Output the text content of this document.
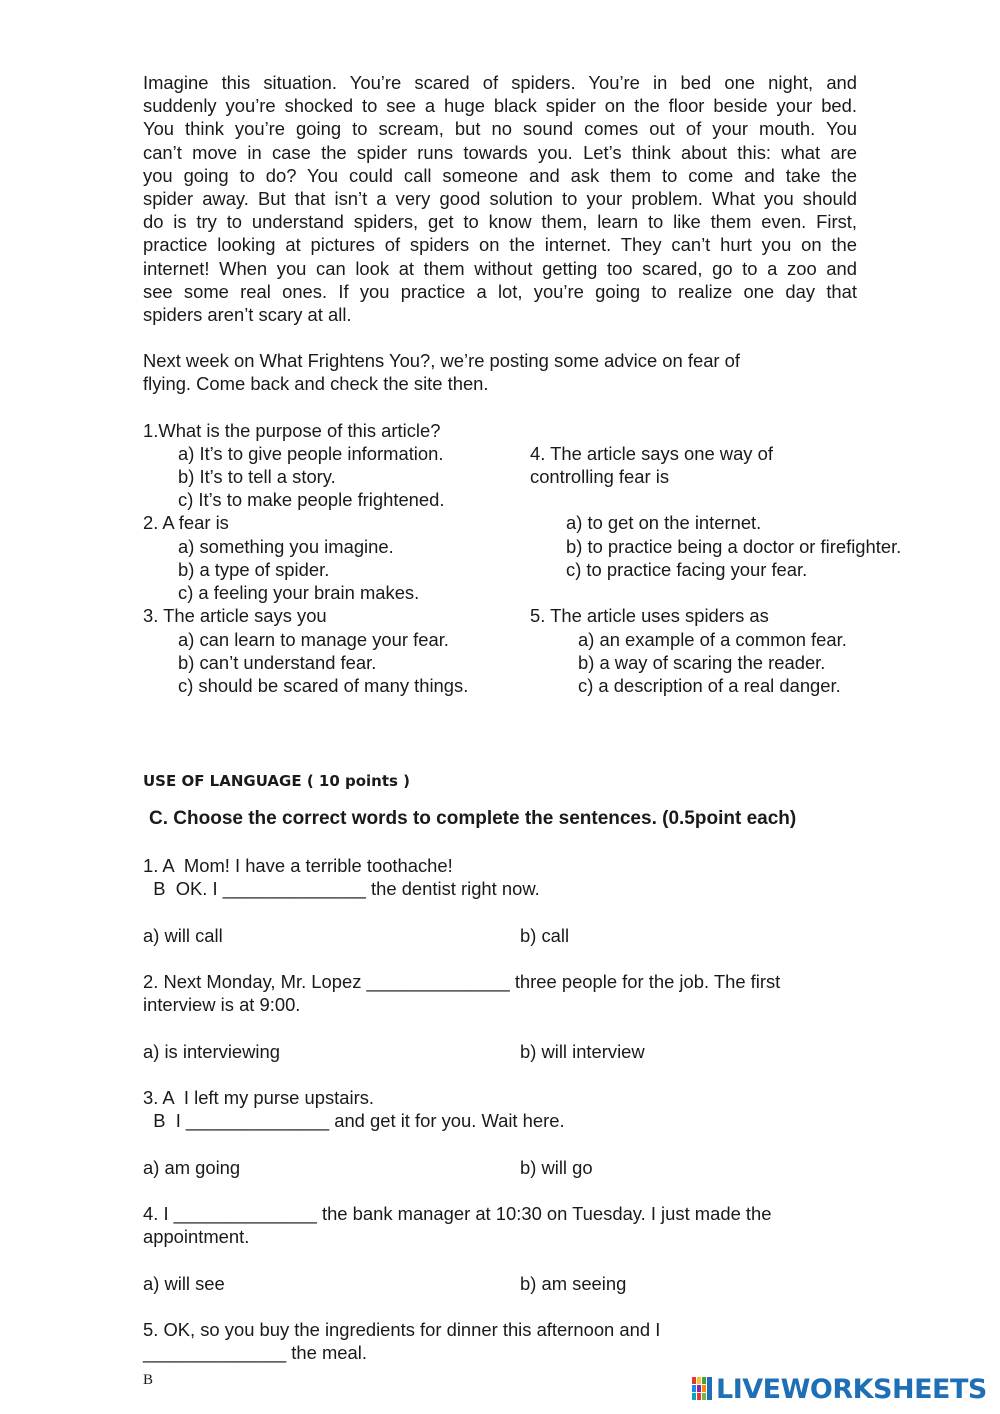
Imagine this situation. You’re scared of spiders. You’re in bed one night, and
suddenly you’re shocked to see a huge black spider on the floor beside your bed.
You think you’re going to scream, but no sound comes out of your mouth. You
can’t move in case the spider runs towards you. Let’s think about this: what are
you going to do? You could call someone and ask them to come and take the
spider away. But that isn’t a very good solution to your problem. What you should
do is try to understand spiders, get to know them, learn to like them even. First,
practice looking at pictures of spiders on the internet. They can’t hurt you on the
internet! When you can look at them without getting too scared, go to a zoo and
see some real ones. If you practice a lot, you’re going to realize one day that
spiders aren’t scary at all.
Next week on What Frightens You?, we’re posting some advice on fear of
flying. Come back and check the site then.
1.What is the purpose of this article?
a) It’s to give people information.
b) It’s to tell a story.
c) It’s to make people frightened.
2. A fear is
a) something you imagine.
b) a type of spider.
c) a feeling your brain makes.
3. The article says you
a) can learn to manage your fear.
b) can’t understand fear.
c) should be scared of many things.
4. The article says one way of
controlling fear is
a) to get on the internet.
b) to practice being a doctor or firefighter.
c) to practice facing your fear.
5. The article uses spiders as
a) an example of a common fear.
b) a way of scaring the reader.
c) a description of a real danger.
USE OF LANGUAGE ( 10 points )
C. Choose the correct words to complete the sentences. (0.5point each)
1. A  Mom! I have a terrible toothache!
B  OK. I ______________ the dentist right now.
a) will call	b) call
2. Next Monday, Mr. Lopez ______________ three people for the job. The first
interview is at 9:00.
a) is interviewing	b) will interview
3. A  I left my purse upstairs.
B  I ______________ and get it for you. Wait here.
a) am going	b) will go
4. I ______________ the bank manager at 10:30 on Tuesday. I just made the
appointment.
a) will see	b) am seeing
5. OK, so you buy the ingredients for dinner this afternoon and I
______________ the meal.
B	LIVEWORKSHEETS
